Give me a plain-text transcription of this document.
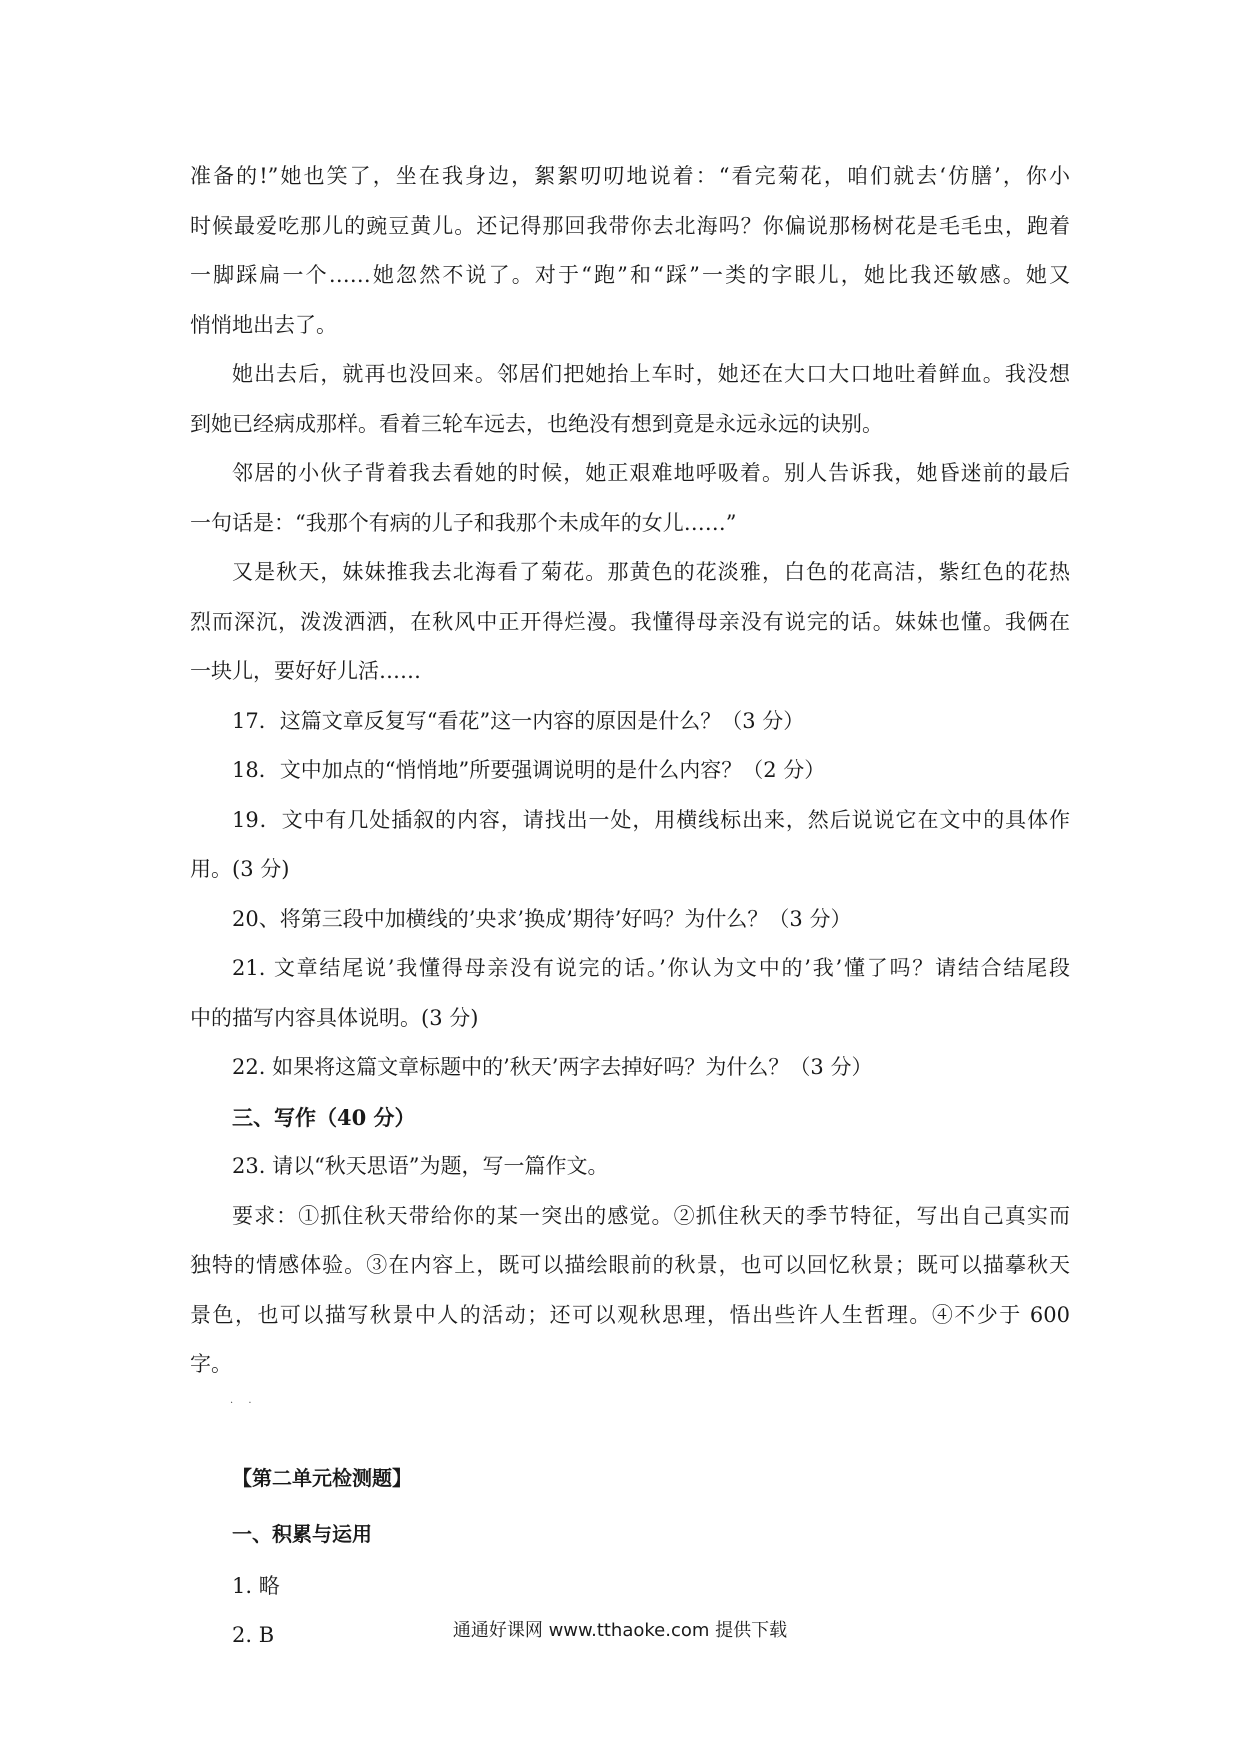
准备的!”她也笑了，坐在我身边，絮絮叨叨地说着：“看完菊花，咱们就去‘仿膳’，你小
时候最爱吃那儿的豌豆黄儿。还记得那回我带你去北海吗？你偏说那杨树花是毛毛虫，跑着
一脚踩扁一个……她忽然不说了。对于“跑”和“踩”一类的字眼儿，她比我还敏感。她又
悄悄地出去了。
她出去后，就再也没回来。邻居们把她抬上车时，她还在大口大口地吐着鲜血。我没想
到她已经病成那样。看着三轮车远去，也绝没有想到竟是永远永远的诀别。
邻居的小伙子背着我去看她的时候，她正艰难地呼吸着。别人告诉我，她昏迷前的最后
一句话是：“我那个有病的儿子和我那个未成年的女儿……”
又是秋天，妹妹推我去北海看了菊花。那黄色的花淡雅，白色的花高洁，紫红色的花热
烈而深沉，泼泼洒洒，在秋风中正开得烂漫。我懂得母亲没有说完的话。妹妹也懂。我俩在
一块儿，要好好儿活……
17．这篇文章反复写“看花”这一内容的原因是什么？（3 分）
18．文中加点的“悄悄地”所要强调说明的是什么内容？（2 分）
19．文中有几处插叙的内容，请找出一处，用横线标出来，然后说说它在文中的具体作
用。(3 分)
20、将第三段中加横线的’央求’换成’期待’好吗？为什么？（3 分）
21. 文章结尾说’我懂得母亲没有说完的话。’你认为文中的’我’懂了吗？请结合结尾段
中的描写内容具体说明。(3 分)
22. 如果将这篇文章标题中的’秋天’两字去掉好吗？为什么？（3 分）
三、写作（40 分）
23. 请以“秋天思语”为题，写一篇作文。
要求：①抓住秋天带给你的某一突出的感觉。②抓住秋天的季节特征，写出自己真实而
独特的情感体验。③在内容上，既可以描绘眼前的秋景，也可以回忆秋景；既可以描摹秋天
景色，也可以描写秋景中人的活动；还可以观秋思理，悟出些许人生哲理。④不少于 600
字。
【第二单元检测题】
一、积累与运用
1. 略
2. B
· ·
通通好课网 www.tthaoke.com 提供下载
